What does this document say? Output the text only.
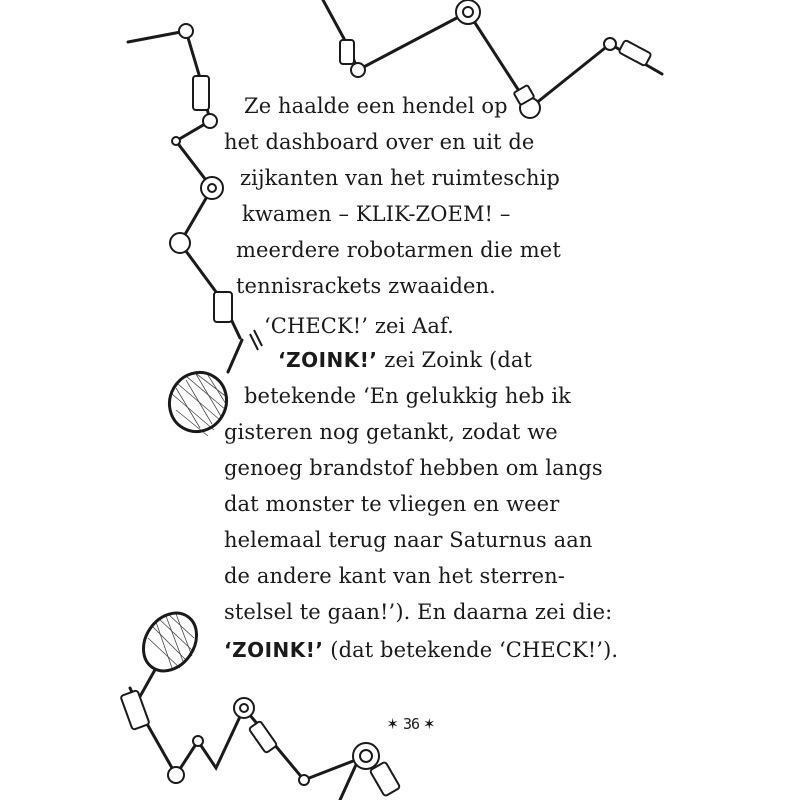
Ze haalde een hendel op
het dashboard over en uit de
zijkanten van het ruimteschip
kwamen – KLIK-ZOEM! –
meerdere robotarmen die met
tennisrackets zwaaiden.
‘CHECK!’ zei Aaf.
‘ZOINK!’ zei Zoink (dat
betekende ‘En gelukkig heb ik
gisteren nog getankt, zodat we
genoeg brandstof hebben om langs
dat monster te vliegen en weer
helemaal terug naar Saturnus aan
de andere kant van het sterren-
stelsel te gaan!’). En daarna zei die:
‘ZOINK!’ (dat betekende ‘CHECK!’).
✶ 36 ✶
